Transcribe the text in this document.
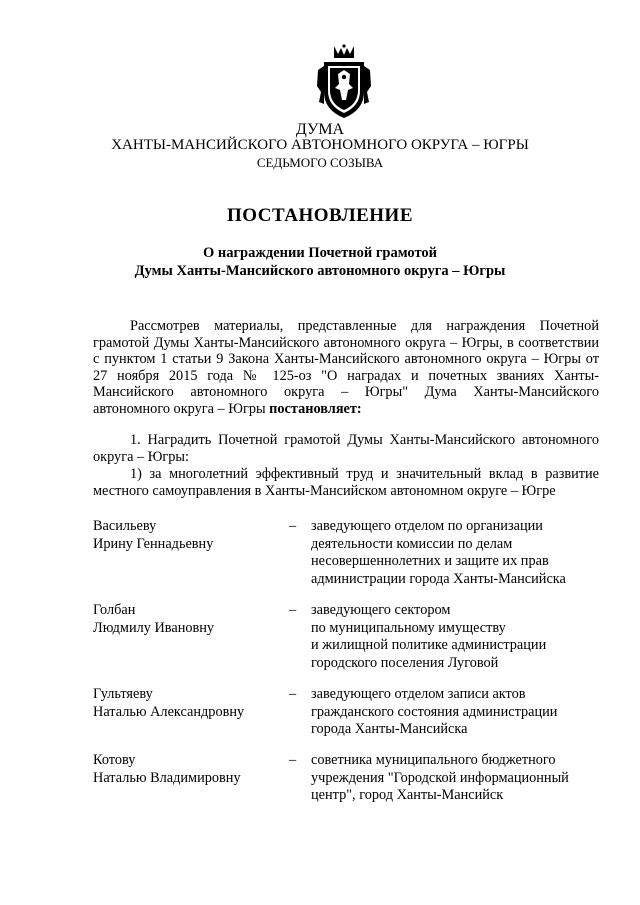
ДУМА
ХАНТЫ-МАНСИЙСКОГО АВТОНОМНОГО ОКРУГА – ЮГРЫ
СЕДЬМОГО СОЗЫВА
ПОСТАНОВЛЕНИЕ
О награждении Почетной грамотой
Думы Ханты-Мансийского автономного округа – Югры
Рассмотрев материалы, представленные для награждения Почетной грамотой Думы Ханты-Мансийского автономного округа – Югры, в соответствии с пунктом 1 статьи 9 Закона Ханты-Мансийского автономного округа – Югры от 27 ноября 2015 года № 125-оз "О наградах и почетных званиях Ханты-Мансийского автономного округа – Югры" Дума Ханты-Мансийского автономного округа – Югры постановляет:
1. Наградить Почетной грамотой Думы Ханты-Мансийского автономного округа – Югры:
1) за многолетний эффективный труд и значительный вклад в развитие местного самоуправления в Ханты-Мансийском автономном округе – Югре
Васильеву
Ирину Геннадьевну
– заведующего отделом по организации
деятельности комиссии по делам
несовершеннолетних и защите их прав
администрации города Ханты-Мансийска
Голбан
Людмилу Ивановну
– заведующего сектором
по муниципальному имуществу
и жилищной политике администрации
городского поселения Луговой
Гультяеву
Наталью Александровну
– заведующего отделом записи актов
гражданского состояния администрации
города Ханты-Мансийска
Котову
Наталью Владимировну
– советника муниципального бюджетного
учреждения "Городской информационный
центр", город Ханты-Мансийск
